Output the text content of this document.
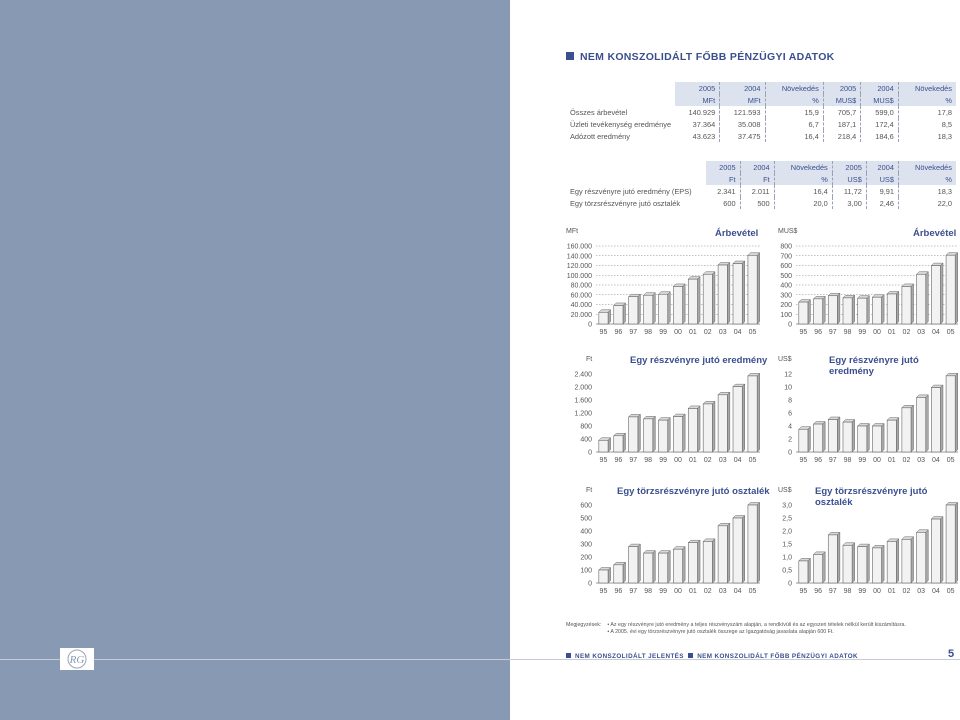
NEM KONSZOLIDÁLT FŐBB PÉNZÜGYI ADATOK
	2005	2004	Növekedés	2005	2004	Növekedés
	MFt	MFt	%	MUS$	MUS$	%
Összes árbevétel	140.929	121.593	15,9	705,7	599,0	17,8
Üzleti tevékenység eredménye	37.364	35.008	6,7	187,1	172,4	8,5
Adózott eredmény	43.623	37.475	16,4	218,4	184,6	18,3
	2005	2004	Növekedés	2005	2004	Növekedés
	Ft	Ft	%	US$	US$	%
Egy részvényre jutó eredmény (EPS)	2.341	2.011	16,4	11,72	9,91	18,3
Egy törzsrészvényre jutó osztalék	600	500	20,0	3,00	2,46	22,0
MFt	Árbevétel
0
20.000
40.000
60.000
80.000
100.000
120.000
140.000
160.000
95 96 97 98 99 00 01 02 03 04 05
MUS$	Árbevétel
0
100
200
300
400
500
600
700
800
95 96 97 98 99 00 01 02 03 04 05
Ft	Egy részvényre jutó eredmény
0
400
800
1.200
1.600
2.000
2.400
95 96 97 98 99 00 01 02 03 04 05
US$	Egy részvényre jutó eredmény
0
2
4
6
8
10
12
95 96 97 98 99 00 01 02 03 04 05
Ft	Egy törzsrészvényre jutó osztalék
0
100
200
300
400
500
600
95 96 97 98 99 00 01 02 03 04 05
US$ Egy törzsrészvényre jutó osztalék
0
0,5
1,0
1,5
2,0
2,5
3,0
95 96 97 98 99 00 01 02 03 04 05
Megjegyzések: • Az egy részvényre jutó eredmény a teljes részvényszám alapján, a rendkívüli és az egyszeri tételek nélkül került kiszámításra.
• A 2005. évi egy törzsrészvényre jutó osztalék összege az Igazgatóság javaslata alapján 600 Ft.
RG	NEM KONSZOLIDÁLT JELENTÉS NEM KONSZOLIDÁLT FŐBB PÉNZÜGYI ADATOK	5
